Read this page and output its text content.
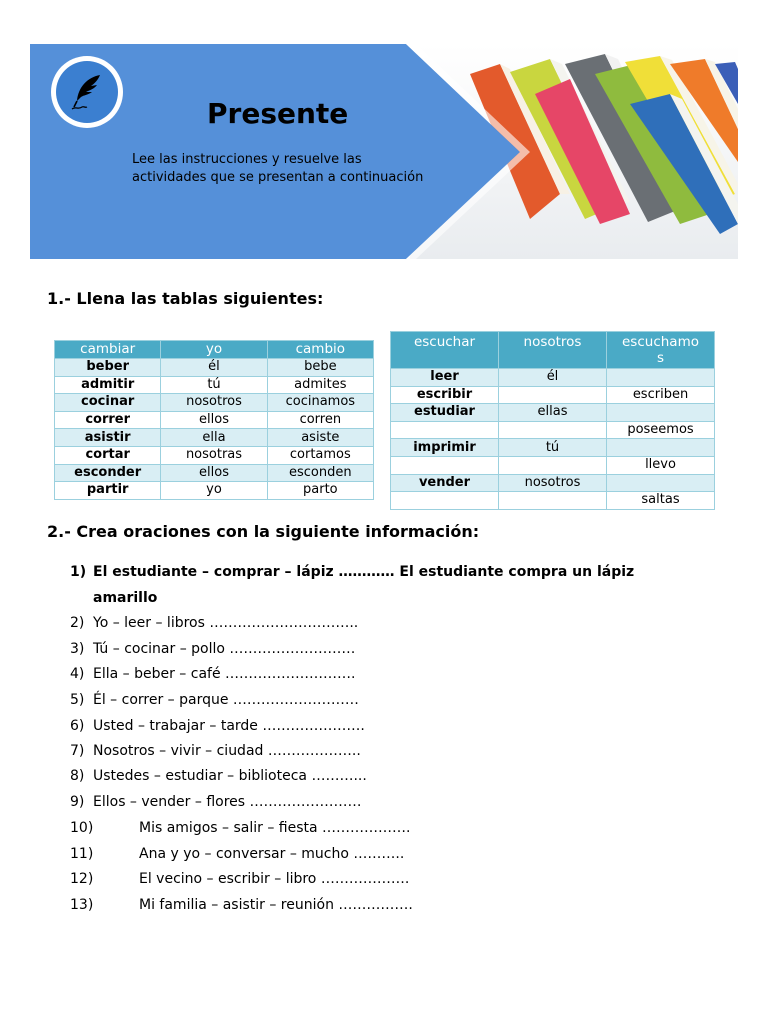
Presente
Lee las instrucciones y resuelve las
actividades que se presentan a continuación
1.- Llena las tablas siguientes:
cambiar	yo	cambio
beber	él	bebe
admitir	tú	admites
cocinar	nosotros	cocinamos
correr	ellos	corren
asistir	ella	asiste
cortar	nosotras	cortamos
esconder	ellos	esconden
partir	yo	parto
escuchar	nosotros	escuchamo
s

leer	él	
escribir		escriben
estudiar	ellas	
		poseemos
imprimir	tú	
		llevo
vender	nosotros	
		saltas
2.- Crea oraciones con la siguiente información:
1) El estudiante – comprar – lápiz ………… El estudiante compra un lápiz
amarillo
2) Yo – leer – libros …………………………..
3) Tú – cocinar – pollo ………………………
4) Ella – beber – café ……………………….
5) Él – correr – parque ………………………
6) Usted – trabajar – tarde ………………….
7) Nosotros – vivir – ciudad ………………..
8) Ustedes – estudiar – biblioteca ………...
9) Ellos – vender – flores ……………………
10)	Mis amigos – salir – fiesta ……………….
11)	Ana y yo – conversar – mucho ………..
12)	El vecino – escribir – libro ……………….
13)	Mi familia – asistir – reunión …………….
